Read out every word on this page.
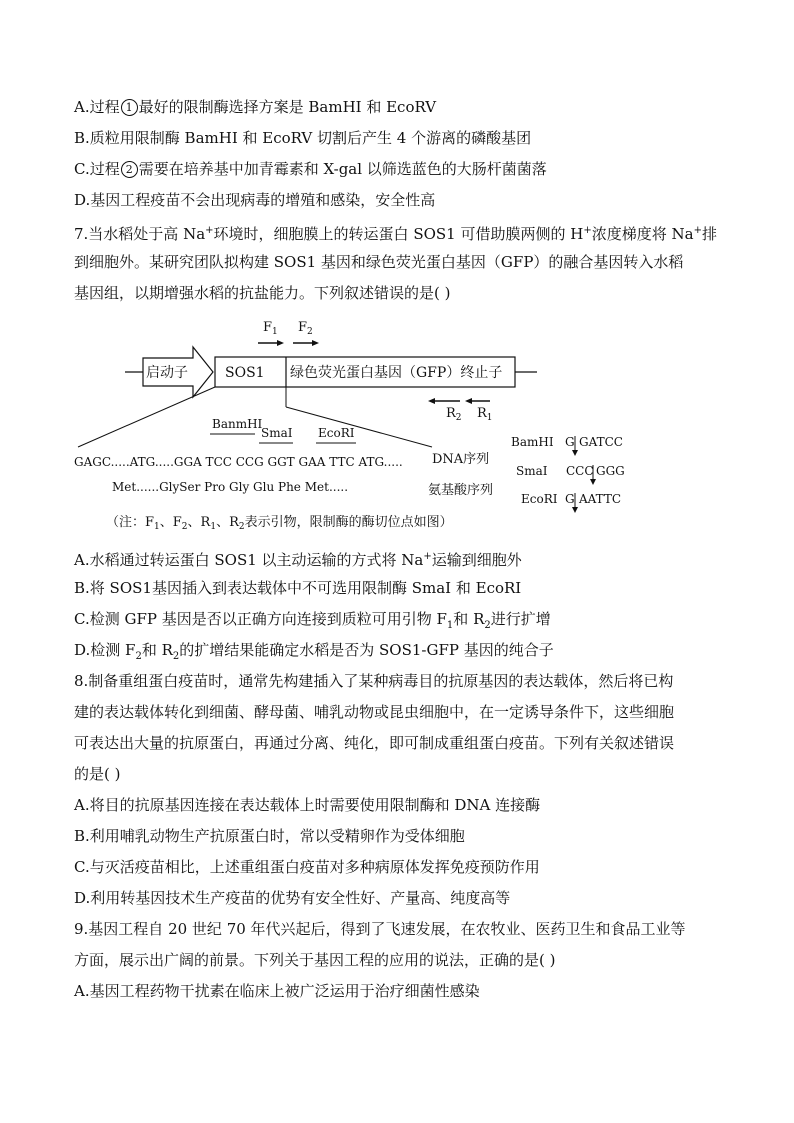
A.过程 1 最好的限制酶选择方案是 BamHI 和 EcoRV
B.质粒用限制酶 BamHI 和 EcoRV 切割后产生 4 个游离的磷酸基团
C.过程 2 需要在培养基中加青霉素和 X-gal 以筛选蓝色的大肠杆菌菌落
D.基因工程疫苗不会出现病毒的增殖和感染，安全性高
7.当水稻处于高 Na+环境时，细胞膜上的转运蛋白 SOS1 可借助膜两侧的 H+浓度梯度将 Na+排
到细胞外。某研究团队拟构建 SOS1 基因和绿色荧光蛋白基因（GFP）的融合基因转入水稻
基因组，以期增强水稻的抗盐能力。下列叙述错误的是( )
$F_1$ $F_2$
启动子	SOS1 绿色荧光蛋白基因（GFP）终止子
$R_2$ $R_1$
BanmHI
SmaI EcoRI
GAGC.....ATG.....GGA TCC CCG GGT GAA TTC ATG..... DNA序列
Met......GlySer Pro Gly Glu Phe Met.....	氨基酸序列
BamHI G GATCC
SmaI CCC GGG
EcoRI G AATTC
（注：$F_1$、$F_2$、$R_1$、$R_2$表示引物，限制酶的酶切位点如图）
A.水稻通过转运蛋白 SOS1 以主动运输的方式将 Na+运输到细胞外
B.将 SOS1基因插入到表达载体中不可选用限制酶 SmaI 和 EcoRI
C.检测 GFP 基因是否以正确方向连接到质粒可用引物 $F_1$和 $R_2$进行扩增
D.检测 $F_2$和 $R_2$的扩增结果能确定水稻是否为 SOS1-GFP 基因的纯合子
8.制备重组蛋白疫苗时，通常先构建插入了某种病毒目的抗原基因的表达载体，然后将已构
建的表达载体转化到细菌、酵母菌、哺乳动物或昆虫细胞中，在一定诱导条件下，这些细胞
可表达出大量的抗原蛋白，再通过分离、纯化，即可制成重组蛋白疫苗。下列有关叙述错误
的是( )
A.将目的抗原基因连接在表达载体上时需要使用限制酶和 DNA 连接酶
B.利用哺乳动物生产抗原蛋白时，常以受精卵作为受体细胞
C.与灭活疫苗相比，上述重组蛋白疫苗对多种病原体发挥免疫预防作用
D.利用转基因技术生产疫苗的优势有安全性好、产量高、纯度高等
9.基因工程自 20 世纪 70 年代兴起后，得到了飞速发展，在农牧业、医药卫生和食品工业等
方面，展示出广阔的前景。下列关于基因工程的应用的说法，正确的是( )
A.基因工程药物干扰素在临床上被广泛运用于治疗细菌性感染
